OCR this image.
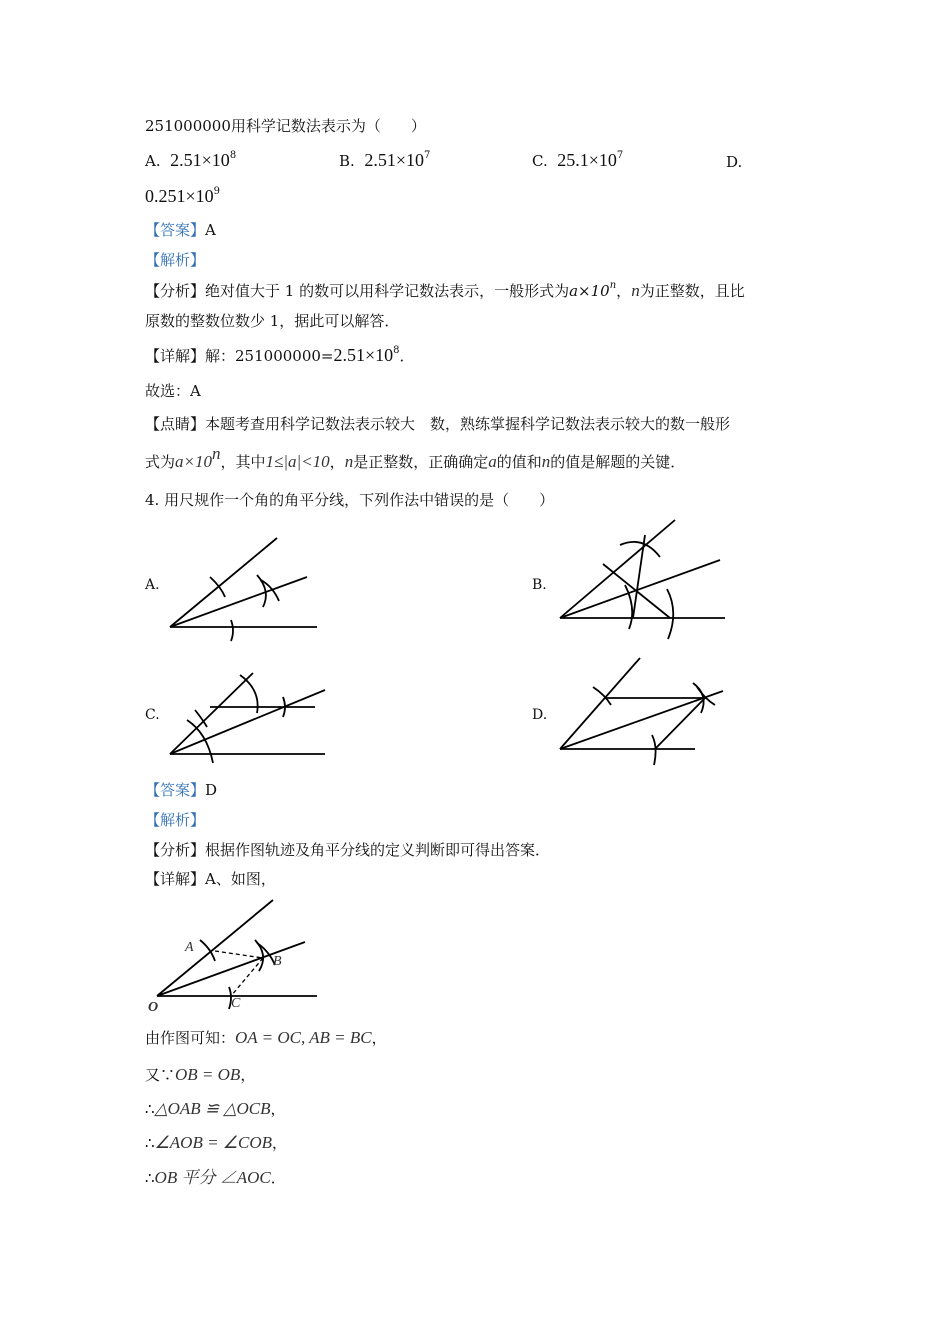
251000000用科学记数法表示为（　　）
A. $2.51\times 10^8$	B. $2.51\times 10^7$	C. $25.1\times 10^7$	D.
$0.251\times 10^9$
【答案】A
【解析】
【分析】绝对值大于 1 的数可以用科学记数法表示，一般形式为$a\times 10^n$，n为正整数，且比
原数的整数位数少 1，据此可以解答．
【详解】解：$251000000=2.51\times 10^8$．
故选：A
【点睛】本题考查用科学记数法表示较大　数，熟练掌握科学记数法表示较大的数一般形
式为$a\times 10^n$，其中1≤|a|<10，n是正整数，正确确定a的值和n的值是解题的关键．
4. 用尺规作一个角的角平分线，下列作法中错误的是（　　）
A.	B.
C.	D.
【答案】D
【解析】
【分析】根据作图轨迹及角平分线的定义判断即可得出答案．
【详解】A、如图，
A
B
C
O
由作图可知：OA = OC, AB = BC，
又∵OB = OB，
∴△OAB ≌ △OCB，
∴∠AOB = ∠COB，
∴OB 平分 ∠AOC．
